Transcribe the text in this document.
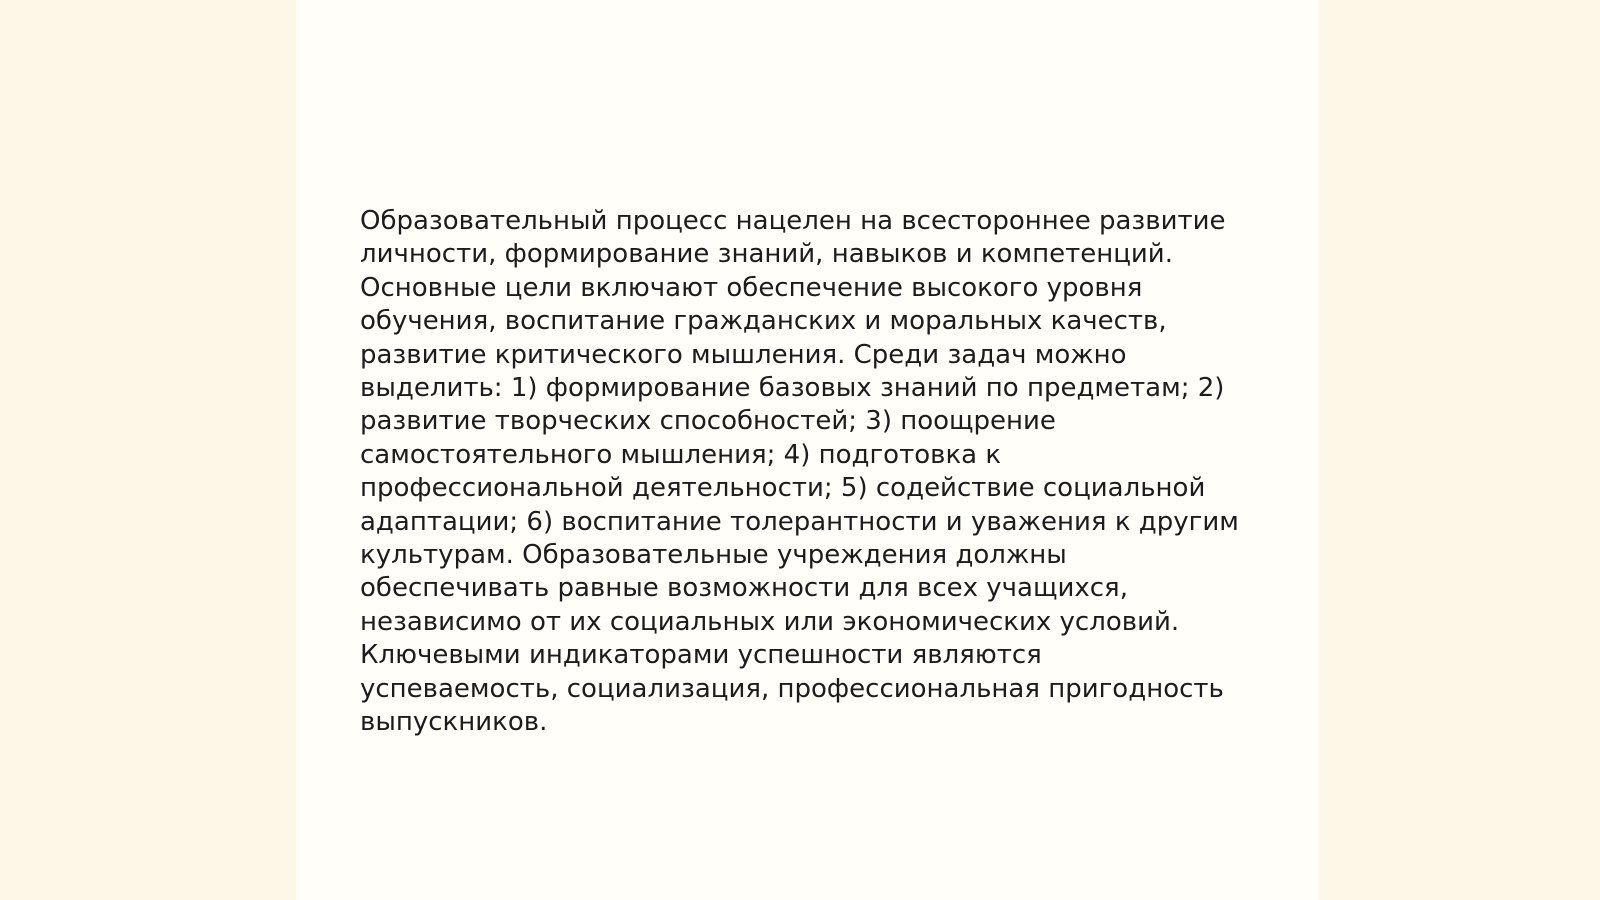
Образовательный процесс нацелен на всестороннее развитие
личности, формирование знаний, навыков и компетенций.
Основные цели включают обеспечение высокого уровня
обучения, воспитание гражданских и моральных качеств,
развитие критического мышления. Среди задач можно
выделить: 1) формирование базовых знаний по предметам; 2)
развитие творческих способностей; 3) поощрение
самостоятельного мышления; 4) подготовка к
профессиональной деятельности; 5) содействие социальной
адаптации; 6) воспитание толерантности и уважения к другим
культурам. Образовательные учреждения должны
обеспечивать равные возможности для всех учащихся,
независимо от их социальных или экономических условий.
Ключевыми индикаторами успешности являются
успеваемость, социализация, профессиональная пригодность
выпускников.
